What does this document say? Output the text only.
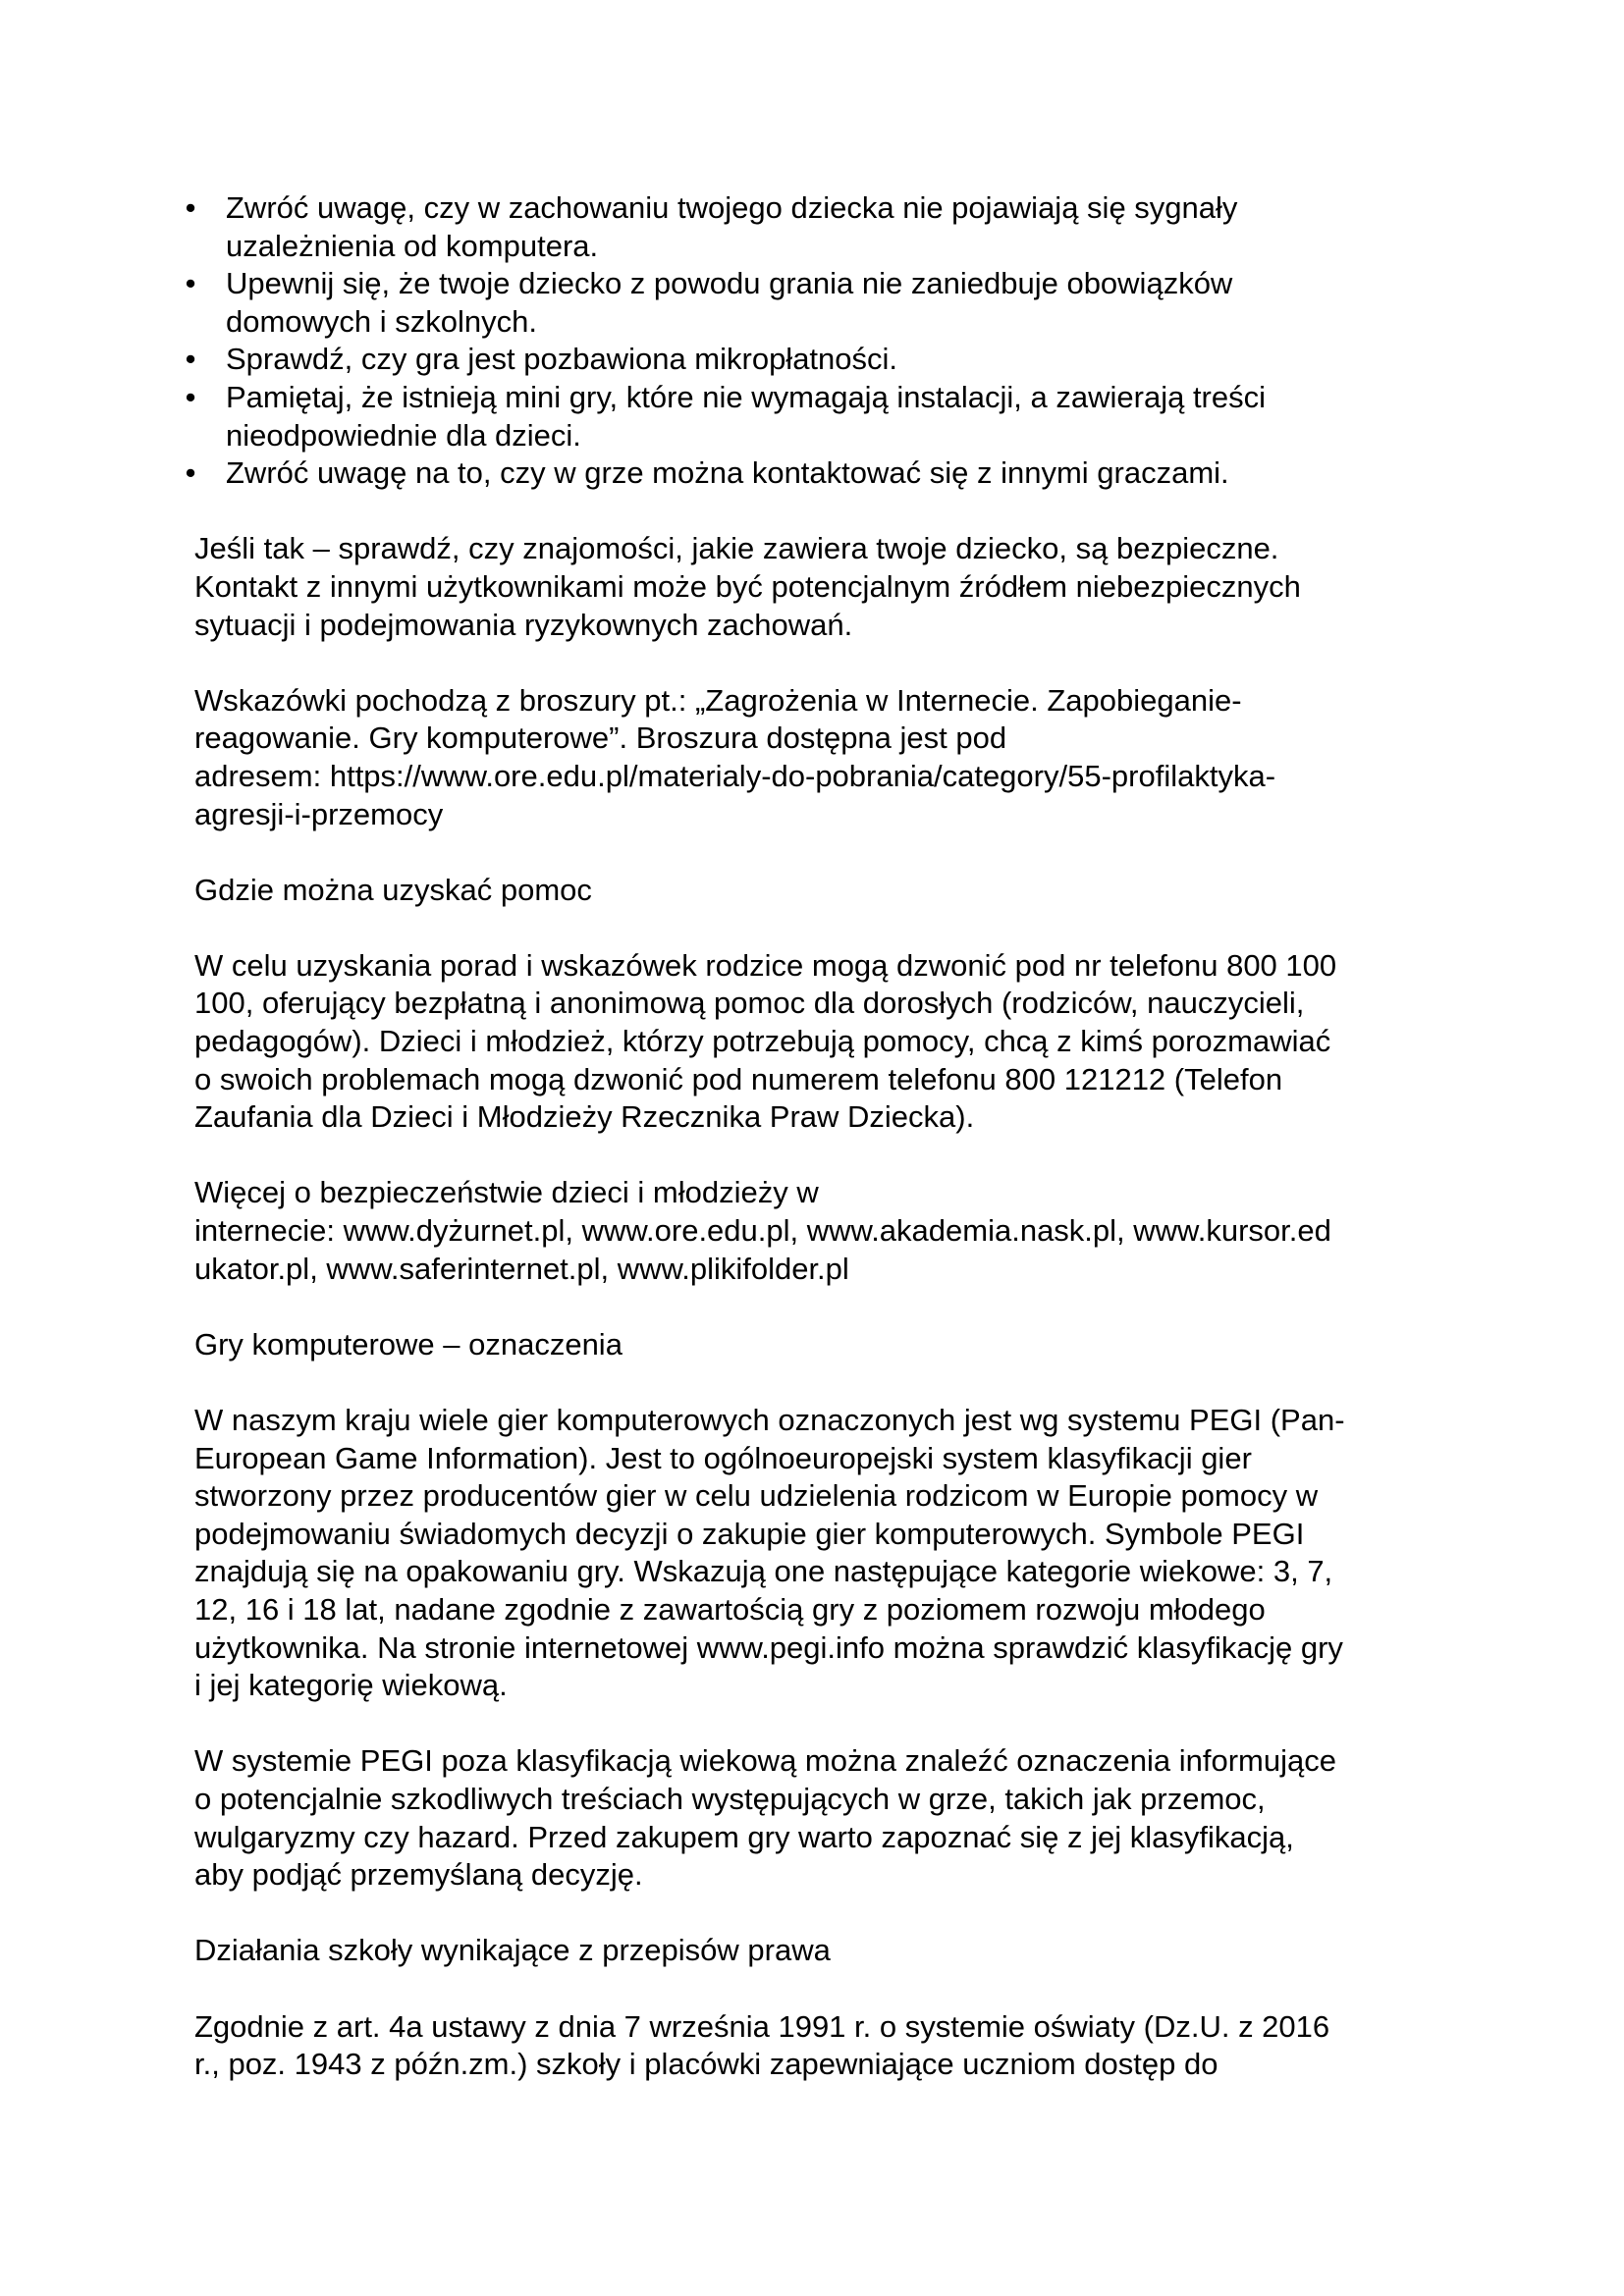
• Zwróć uwagę, czy w zachowaniu twojego dziecka nie pojawiają się sygnały
uzależnienia od komputera.
• Upewnij się, że twoje dziecko z powodu grania nie zaniedbuje obowiązków
domowych i szkolnych.
• Sprawdź, czy gra jest pozbawiona mikropłatności.
• Pamiętaj, że istnieją mini gry, które nie wymagają instalacji, a zawierają treści
nieodpowiednie dla dzieci.
• Zwróć uwagę na to, czy w grze można kontaktować się z innymi graczami.
Jeśli tak – sprawdź, czy znajomości, jakie zawiera twoje dziecko, są bezpieczne.
Kontakt z innymi użytkownikami może być potencjalnym źródłem niebezpiecznych
sytuacji i podejmowania ryzykownych zachowań.
Wskazówki pochodzą z broszury pt.: „Zagrożenia w Internecie. Zapobieganie-
reagowanie. Gry komputerowe”. Broszura dostępna jest pod
adresem: https://www.ore.edu.pl/materialy-do-pobrania/category/55-profilaktyka-
agresji-i-przemocy
Gdzie można uzyskać pomoc
W celu uzyskania porad i wskazówek rodzice mogą dzwonić pod nr telefonu 800 100
100, oferujący bezpłatną i anonimową pomoc dla dorosłych (rodziców, nauczycieli,
pedagogów). Dzieci i młodzież, którzy potrzebują pomocy, chcą z kimś porozmawiać
o swoich problemach mogą dzwonić pod numerem telefonu 800 121212 (Telefon
Zaufania dla Dzieci i Młodzieży Rzecznika Praw Dziecka).
Więcej o bezpieczeństwie dzieci i młodzieży w
internecie: www.dyżurnet.pl, www.ore.edu.pl, www.akademia.nask.pl, www.kursor.ed
ukator.pl, www.saferinternet.pl, www.plikifolder.pl
Gry komputerowe – oznaczenia
W naszym kraju wiele gier komputerowych oznaczonych jest wg systemu PEGI (Pan-
European Game Information). Jest to ogólnoeuropejski system klasyfikacji gier
stworzony przez producentów gier w celu udzielenia rodzicom w Europie pomocy w
podejmowaniu świadomych decyzji o zakupie gier komputerowych. Symbole PEGI
znajdują się na opakowaniu gry. Wskazują one następujące kategorie wiekowe: 3, 7,
12, 16 i 18 lat, nadane zgodnie z zawartością gry z poziomem rozwoju młodego
użytkownika. Na stronie internetowej www.pegi.info można sprawdzić klasyfikację gry
i jej kategorię wiekową.
W systemie PEGI poza klasyfikacją wiekową można znaleźć oznaczenia informujące
o potencjalnie szkodliwych treściach występujących w grze, takich jak przemoc,
wulgaryzmy czy hazard. Przed zakupem gry warto zapoznać się z jej klasyfikacją,
aby podjąć przemyślaną decyzję.
Działania szkoły wynikające z przepisów prawa
Zgodnie z art. 4a ustawy z dnia 7 września 1991 r. o systemie oświaty (Dz.U. z 2016
r., poz. 1943 z późn.zm.) szkoły i placówki zapewniające uczniom dostęp do
